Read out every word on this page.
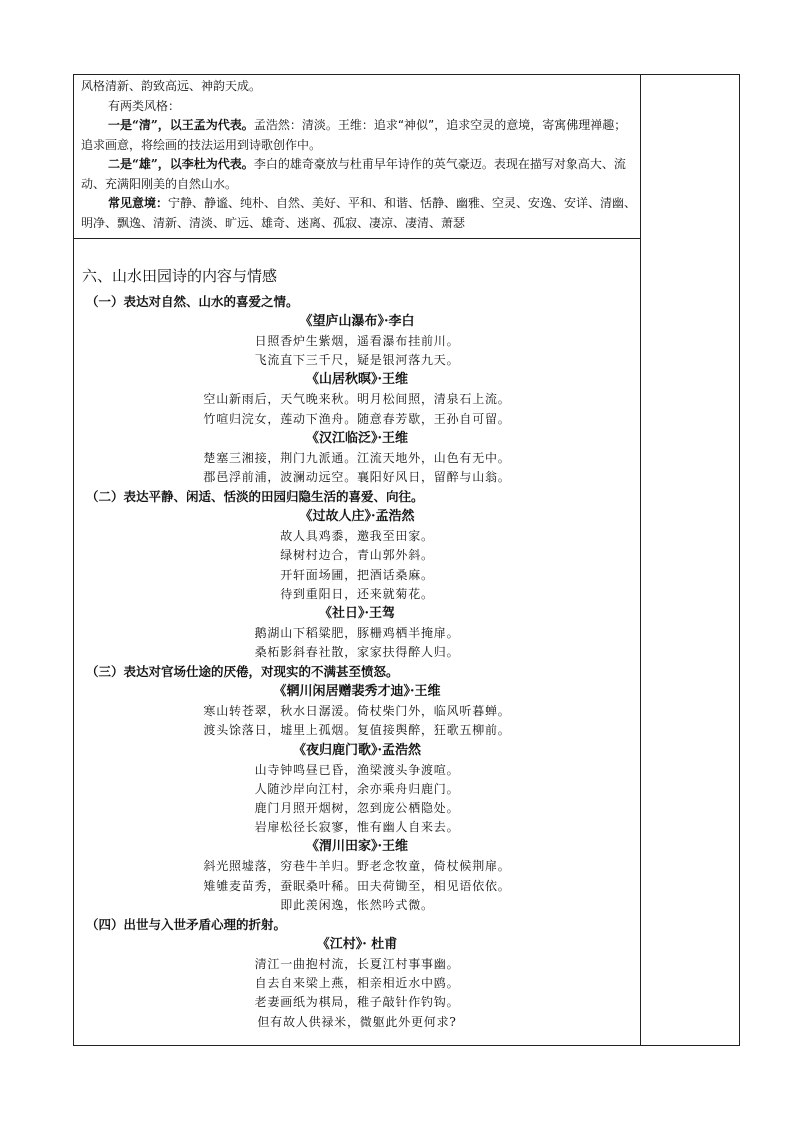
风格清新、韵致高远、神韵天成。

有两类风格：

一是“清”，以王孟为代表。孟浩然：清淡。王维：追求“神似”，追求空灵的意境，寄寓佛理禅趣；追求画意，将绘画的技法运用到诗歌创作中。

二是“雄”，以李杜为代表。李白的雄奇豪放与杜甫早年诗作的英气豪迈。表现在描写对象高大、流动、充满阳刚美的自然山水。

常见意境：宁静、静谧、纯朴、自然、美好、平和、和谐、恬静、幽雅、空灵、安逸、安详、清幽、明净、飘逸、清新、清淡、旷远、雄奇、迷离、孤寂、凄凉、凄清、萧瑟

六、山水田园诗的内容与情感
（一）表达对自然、山水的喜爱之情。
《望庐山瀑布》·李白
日照香炉生紫烟，遥看瀑布挂前川。
飞流直下三千尺，疑是银河落九天。
《山居秋暝》·王维
空山新雨后，天气晚来秋。明月松间照，清泉石上流。
竹喧归浣女，莲动下渔舟。随意春芳歇，王孙自可留。
《汉江临泛》·王维
楚塞三湘接，荆门九派通。江流天地外，山色有无中。
郡邑浮前浦，波澜动远空。襄阳好风日，留醉与山翁。
（二）表达平静、闲适、恬淡的田园归隐生活的喜爱、向往。
《过故人庄》·孟浩然
故人具鸡黍，邀我至田家。
绿树村边合，青山郭外斜。
开轩面场圃，把酒话桑麻。
待到重阳日，还来就菊花。
《社日》·王驾
鹅湖山下稻粱肥，豚栅鸡栖半掩扉。
桑柘影斜春社散，家家扶得醉人归。
（三）表达对官场仕途的厌倦，对现实的不满甚至愤怒。
《辋川闲居赠裴秀才迪》·王维
寒山转苍翠，秋水日潺湲。倚杖柴门外，临风听暮蝉。
渡头馀落日，墟里上孤烟。复值接舆醉，狂歌五柳前。
《夜归鹿门歌》·孟浩然
山寺钟鸣昼已昏，渔梁渡头争渡喧。
人随沙岸向江村，余亦乘舟归鹿门。
鹿门月照开烟树，忽到庞公栖隐处。
岩扉松径长寂寥，惟有幽人自来去。
《渭川田家》·王维
斜光照墟落，穷巷牛羊归。野老念牧童，倚杖候荆扉。
雉雊麦苗秀，蚕眠桑叶稀。田夫荷锄至，相见语依依。
即此羡闲逸，怅然吟式微。
（四）出世与入世矛盾心理的折射。
《江村》· 杜甫
清江一曲抱村流，长夏江村事事幽。
自去自来梁上燕，相亲相近水中鸥。
老妻画纸为棋局，稚子敲针作钓钩。
但有故人供禄米，微躯此外更何求?
